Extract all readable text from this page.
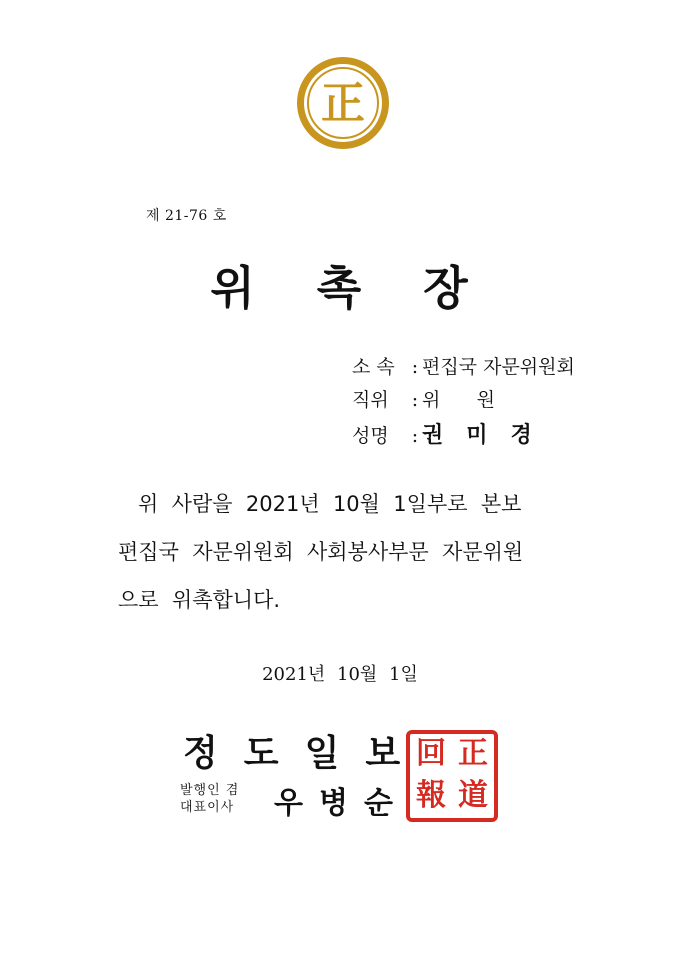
正
제 21-76 호
위 촉 장
소 속 : 편집국 자문위원회
직위	: 위      원
성명	: 권   미   경
위  사람을  2021년  10월  1일부로  본보
편집국  자문위원회  사회봉사부문  자문위원
으로  위촉합니다.
2021년 10월 1일
정 도 일 보
발행인 겸
대표이사 우 병 순
回 正
報 道
